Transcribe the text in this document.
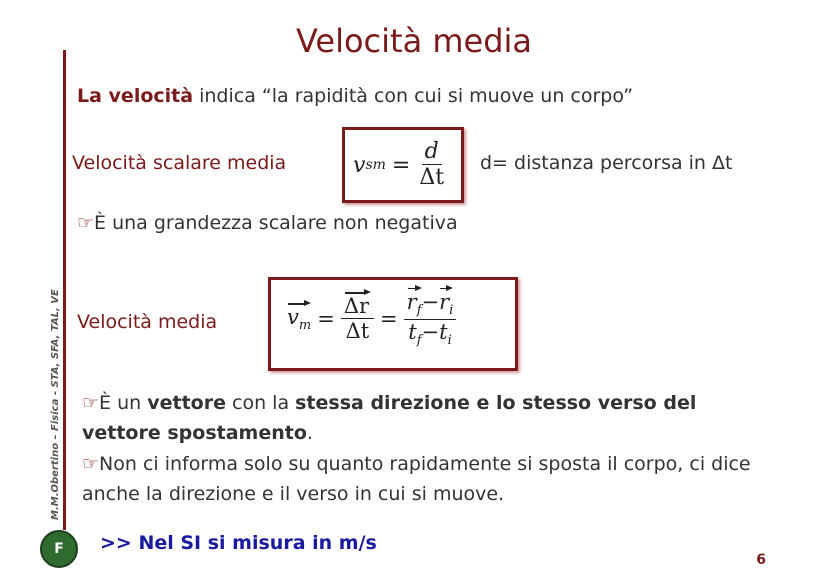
M.M.Obertino – Fisica - STA, SFA, TAL, VE
Velocità media
La velocità indica “la rapidità con cui si muove un corpo”
Velocità scalare media	v sm = $\frac{d}{\Delta t} d=$ distanza percorsa in Δt
☞È una grandezza scalare non negativa
Velocità media	$v_m = \frac{\Delta r}{\Delta t} = \frac{r_f-r_i}{t_f-t_i}$
☞È un vettore con la stessa direzione e lo stesso verso del vettore spostamento.
☞Non ci informa solo su quanto rapidamente si sposta il corpo, ci dice anche la direzione e il verso in cui si muove.
F	>> Nel SI si misura in m/s
6
